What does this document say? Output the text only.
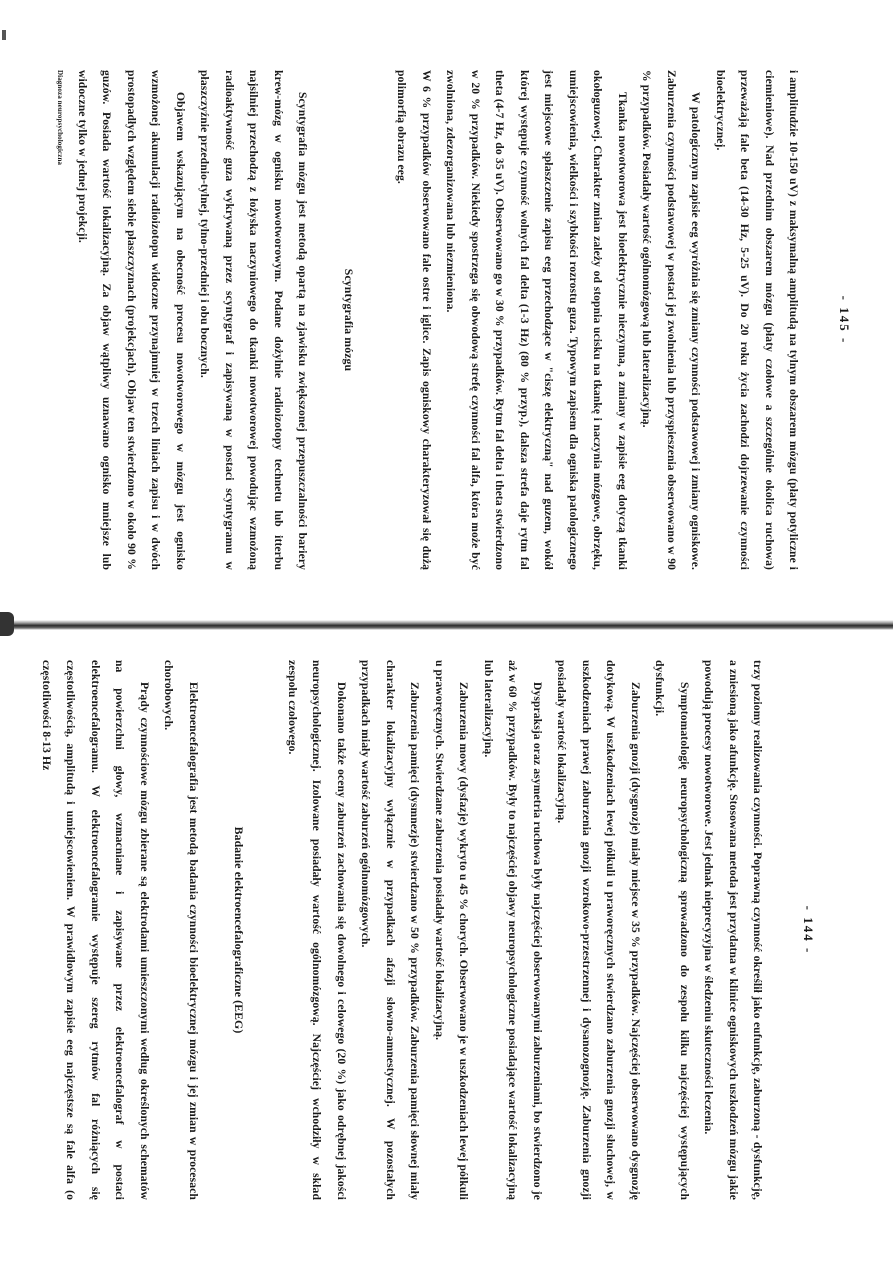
- 145 -

i amplitudzie 10-150 uV) z maksymalną amplitudą na tylnym obszarem mózgu (płaty potyliczne i ciemieniowe). Nad przednim obszarem mózgu (płaty czołowe a szczególnie okolica ruchowa) przeważają fale beta (14-30 Hz, 5-25 uV). Do 20 roku życia zachodzi dojrzewanie czynności bioelektrycznej.

W patologicznym zapisie eeg wyróżnia się zmiany czynności podstawowej i zmiany ogniskowe. Zaburzenia czynności podstawowej w postaci jej zwolnienia lub przyspieszenia obserwowano w 90 % przypadków. Posiadały wartość ogólnomózgową lub lateralizacyjną.

Tkanka nowotworowa jest bioelektrycznie nieczynna, a zmiany w zapisie eeg dotyczą tkanki okołoguzowej. Charakter zmian zależy od stopnia ucisku na tkankę i naczynia mózgowe, obrzęku, umiejscowienia, wielkości i szybkości rozrostu guza. Typowym zapisem dla ogniska patologicznego jest miejscowe spłaszczenie zapisu eeg przechodzące w "ciszę elektryczną" nad guzem, wokół której występuje czynność wolnych fal delta (1-3 Hz) (80 % przyp.), dalsza strefa daje rytm fal theta (4-7 Hz, do 35 uV). Obserwowano go w 30 % przypadków. Rytm fal delta i theta stwierdzono w 20 % przypadków. Niekiedy spostrzega się obwodową strefę czynności fal alfa, która może być zwolniona, zdezorganizowana lub niezmieniona.

W 6 % przypadków obserwowano fale ostre i iglice. Zapis ogniskowy charakteryzował się dużą polimorfią obrazu eeg.

Scyntygrafia mózgu

Scyntygrafia mózgu jest metodą opartą na zjawisku zwiększonej przepuszczalności bariery krew-mózg w ognisku nowotworowym. Podane dożylnie radioizotopy technetu lub itterbu najsilniej przechodzą z łożyska naczyniowego do tkanki nowotworowej powodując wzmożoną radioaktywność guza wykrywaną przez scyntygraf i zapisywaną w postaci scyntygramu w płaszczyźnie przednio-tylnej, tylno-przedniej i obu bocznych.

Objawem wskazującym na obecność procesu nowotworowego w mózgu jest ognisko wzmożonej akumulacji radioizotopu widoczne przynajmniej w trzech liniach zapisu i w dwóch prostopadłych względem siebie płaszczyznach (projekcjach). Objaw ten stwierdzono w około 90 % guzów. Posiada wartość lokalizacyjną. Za objaw wątpliwy uznawano ognisko mniejsze lub widoczne tylko w jednej projekcji.

Diagnoza neuropsychologiczna
- 144 -

trzy poziomy realizowania czynności. Poprawną czynność określił jako eufunkcję, zaburzoną - dysfunkcję, a zniesioną jako afunkcję. Stosowana metoda jest przydatna w klinice ogniskowych uszkodzeń mózgu jakie powodują procesy nowotworowe. Jest jednak nieprecyzyjna w śledzeniu skuteczności leczenia.

Symptomatologię neuropsychologiczną sprowadzono do zespołu kilku najczęściej występujących dysfunkcji.

Zaburzenia gnozji (dysgnozje) miały miejsce w 35 % przypadków. Najczęściej obserwowano dysgnozję dotykową. W uszkodzeniach lewej półkuli u praworęcznych stwierdzano zaburzenia gnozji słuchowej, w uszkodzeniach prawej zaburzenia gnozji wzrokowo-przestrzennej i dysanozognozję. Zaburzenia gnozji posiadały wartość lokalizacyjną.

Dyspraksja oraz asymetria ruchowa były najczęściej obserwowanymi zaburzeniami, bo stwierdzono je aż w 60 % przypadków. Były to najczęściej objawy neuropsychologiczne posiadające wartość lokalizacyjną lub lateralizacyjną.

Zaburzenia mowy (dysfazje) wykryto u 45 % chorych. Obserwowano je w uszkodzeniach lewej półkuli u praworęcznych. Stwierdzane zaburzenia posiadały wartość lokalizacyjną.

Zaburzenia pamięci (dysmnezje) stwierdzano w 50 % przypadków. Zaburzenia pamięci słownej miały charakter lokalizacyjny wyłącznie w przypadkach afazji słowno-amnestycznej. W pozostałych przypadkach miały wartość zaburzeń ogólnomózgowych.

Dokonano także oceny zaburzeń zachowania się dowolnego i celowego (20 %) jako odrębnej jakości neuropsychologicznej. Izolowane posiadały wartość ogólnomózgową. Najczęściej wchodziły w skład zespołu czołowego.

Badanie elektroencefalograficzne (EEG)

Elektroencefalografia jest metodą badania czynności bioelektrycznej mózgu i jej zmian w procesach chorobowych.

Prądy czynnościowe mózgu zbierane są elektrodami umieszczonymi według określonych schematów na powierzchni głowy, wzmacniane i zapisywane przez elektroencefalograf w postaci elektroencefalogramu. W elektroencefalogramie występuje szereg rytmów fal różniących się częstotliwością, amplitudą i umiejscowieniem. W prawidłowym zapisie eeg najczęstsze są fale alfa (o częstotliwości 8-13 Hz
